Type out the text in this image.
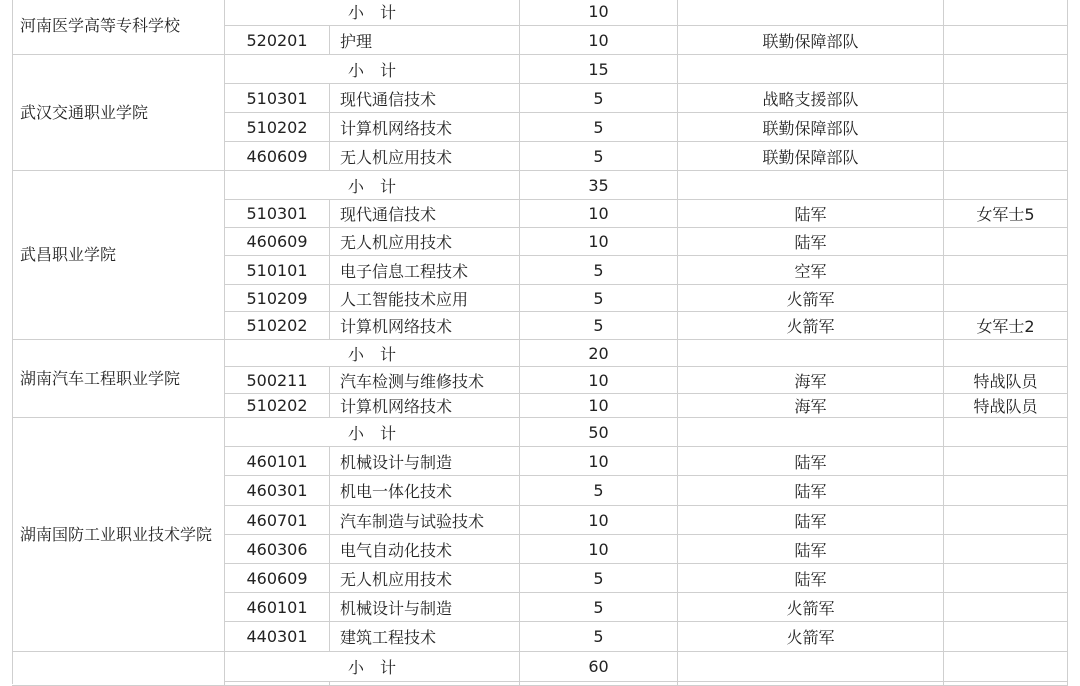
河南医学高等专科学校
小　计	10
520201	护理	10	联勤保障部队
武汉交通职业学院
小　计	15
510301	现代通信技术	5	战略支援部队
510202	计算机网络技术	5	联勤保障部队
460609	无人机应用技术	5	联勤保障部队
武昌职业学院
小　计	35
510301	现代通信技术	10	陆军	女军士5
460609	无人机应用技术	10	陆军
510101	电子信息工程技术	5	空军
510209	人工智能技术应用	5	火箭军
510202	计算机网络技术	5	火箭军	女军士2
湖南汽车工程职业学院
小　计	20
500211	汽车检测与维修技术	10	海军	特战队员
510202	计算机网络技术	10	海军	特战队员
湖南国防工业职业技术学院
小　计	50
460101	机械设计与制造	10	陆军
460301	机电一体化技术	5	陆军
460701	汽车制造与试验技术	10	陆军
460306	电气自动化技术	10	陆军
460609	无人机应用技术	5	陆军
460101	机械设计与制造	5	火箭军
440301	建筑工程技术	5	火箭军
小　计	60
